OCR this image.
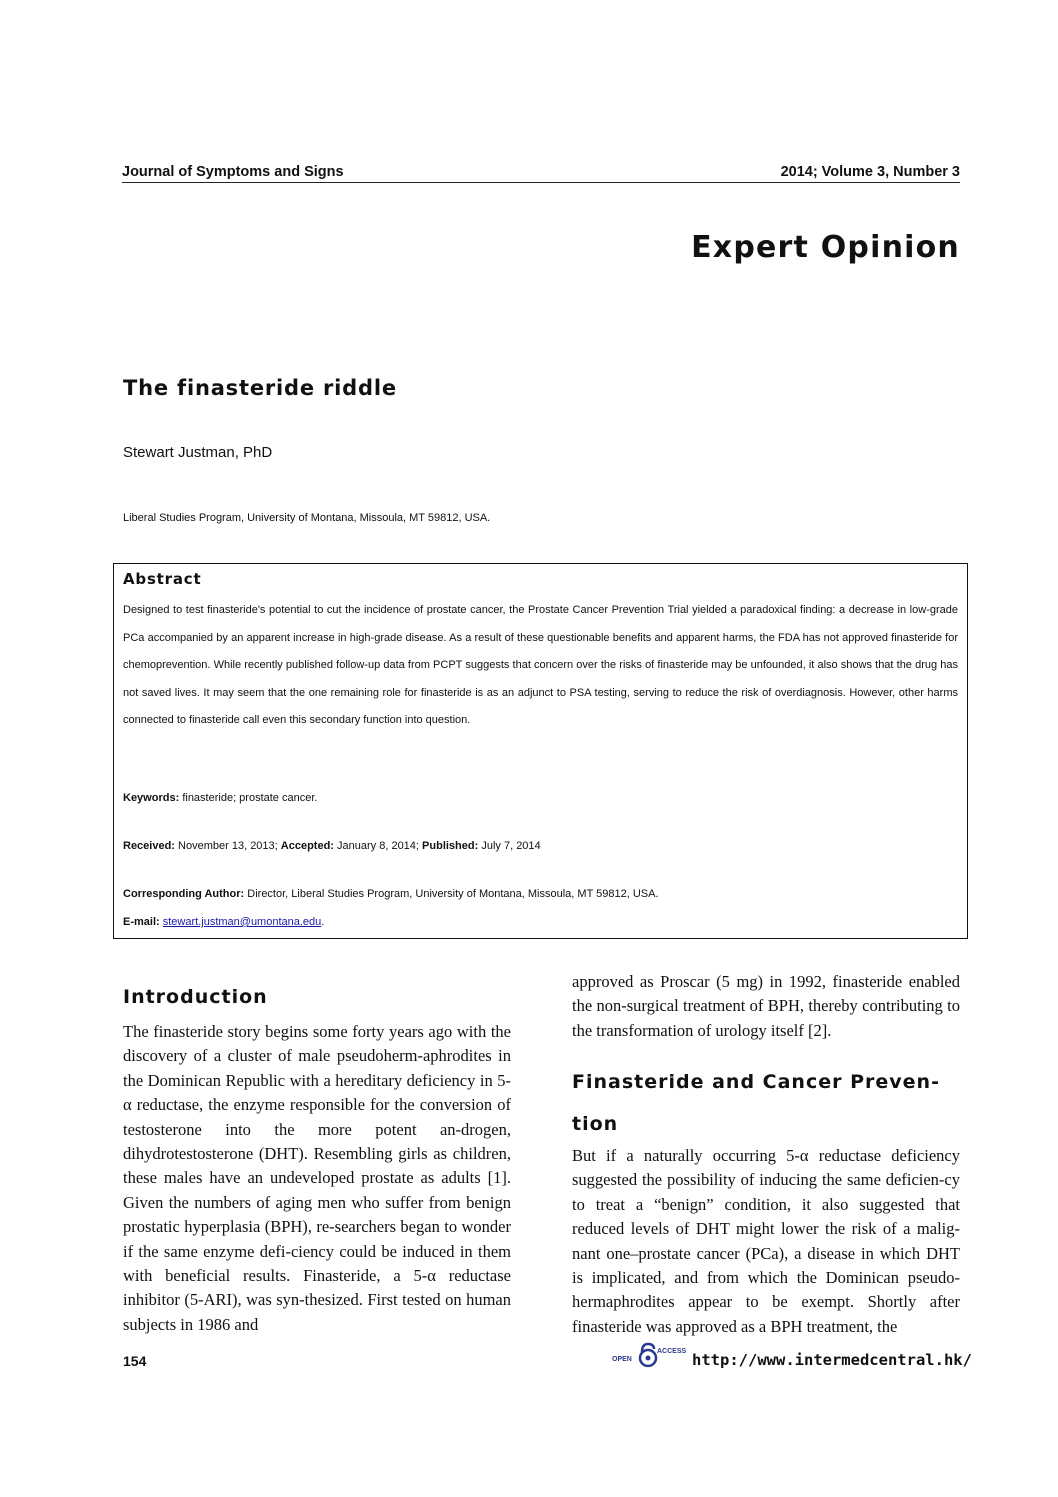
Journal of Symptoms and Signs	2014; Volume 3, Number 3
Expert Opinion
The finasteride riddle
Stewart Justman, PhD
Liberal Studies Program, University of Montana, Missoula, MT 59812, USA.
Abstract
Designed to test finasteride's potential to cut the incidence of prostate cancer, the Prostate Cancer Prevention Trial yielded a paradoxical finding: a decrease in low-grade PCa accompanied by an apparent increase in high-grade disease. As a result of these questionable benefits and apparent harms, the FDA has not approved finasteride for chemoprevention. While recently published follow-up data from PCPT suggests that concern over the risks of finasteride may be unfounded, it also shows that the drug has not saved lives. It may seem that the one remaining role for finasteride is as an adjunct to PSA testing, serving to reduce the risk of overdiagnosis. However, other harms connected to finasteride call even this secondary function into question.
Keywords: finasteride; prostate cancer.
Received: November 13, 2013; Accepted: January 8, 2014; Published: July 7, 2014
Corresponding Author: Director, Liberal Studies Program, University of Montana, Missoula, MT 59812, USA.
E-mail: stewart.justman@umontana.edu.
Introduction
The finasteride story begins some forty years ago with the discovery of a cluster of male pseudoherm-aphrodites in the Dominican Republic with a hereditary deficiency in 5-α reductase, the enzyme responsible for the conversion of testosterone into the more potent an-drogen, dihydrotestosterone (DHT). Resembling girls as children, these males have an undeveloped prostate as adults [1]. Given the numbers of aging men who suffer from benign prostatic hyperplasia (BPH), re-searchers began to wonder if the same enzyme defi-ciency could be induced in them with beneficial results. Finasteride, a 5-α reductase inhibitor (5-ARI), was syn-thesized. First tested on human subjects in 1986 and
approved as Proscar (5 mg) in 1992, finasteride enabled the non-surgical treatment of BPH, thereby contributing to the transformation of urology itself [2].
Finasteride and Cancer Preven-tion
But if a naturally occurring 5-α reductase deficiency suggested the possibility of inducing the same deficien-cy to treat a “benign” condition, it also suggested that reduced levels of DHT might lower the risk of a malig-nant one–prostate cancer (PCa), a disease in which DHT is implicated, and from which the Dominican pseudo-hermaphrodites appear to be exempt. Shortly after finasteride was approved as a BPH treatment, the
154	OPEN
ACCESS http://www.intermedcentral.hk/
